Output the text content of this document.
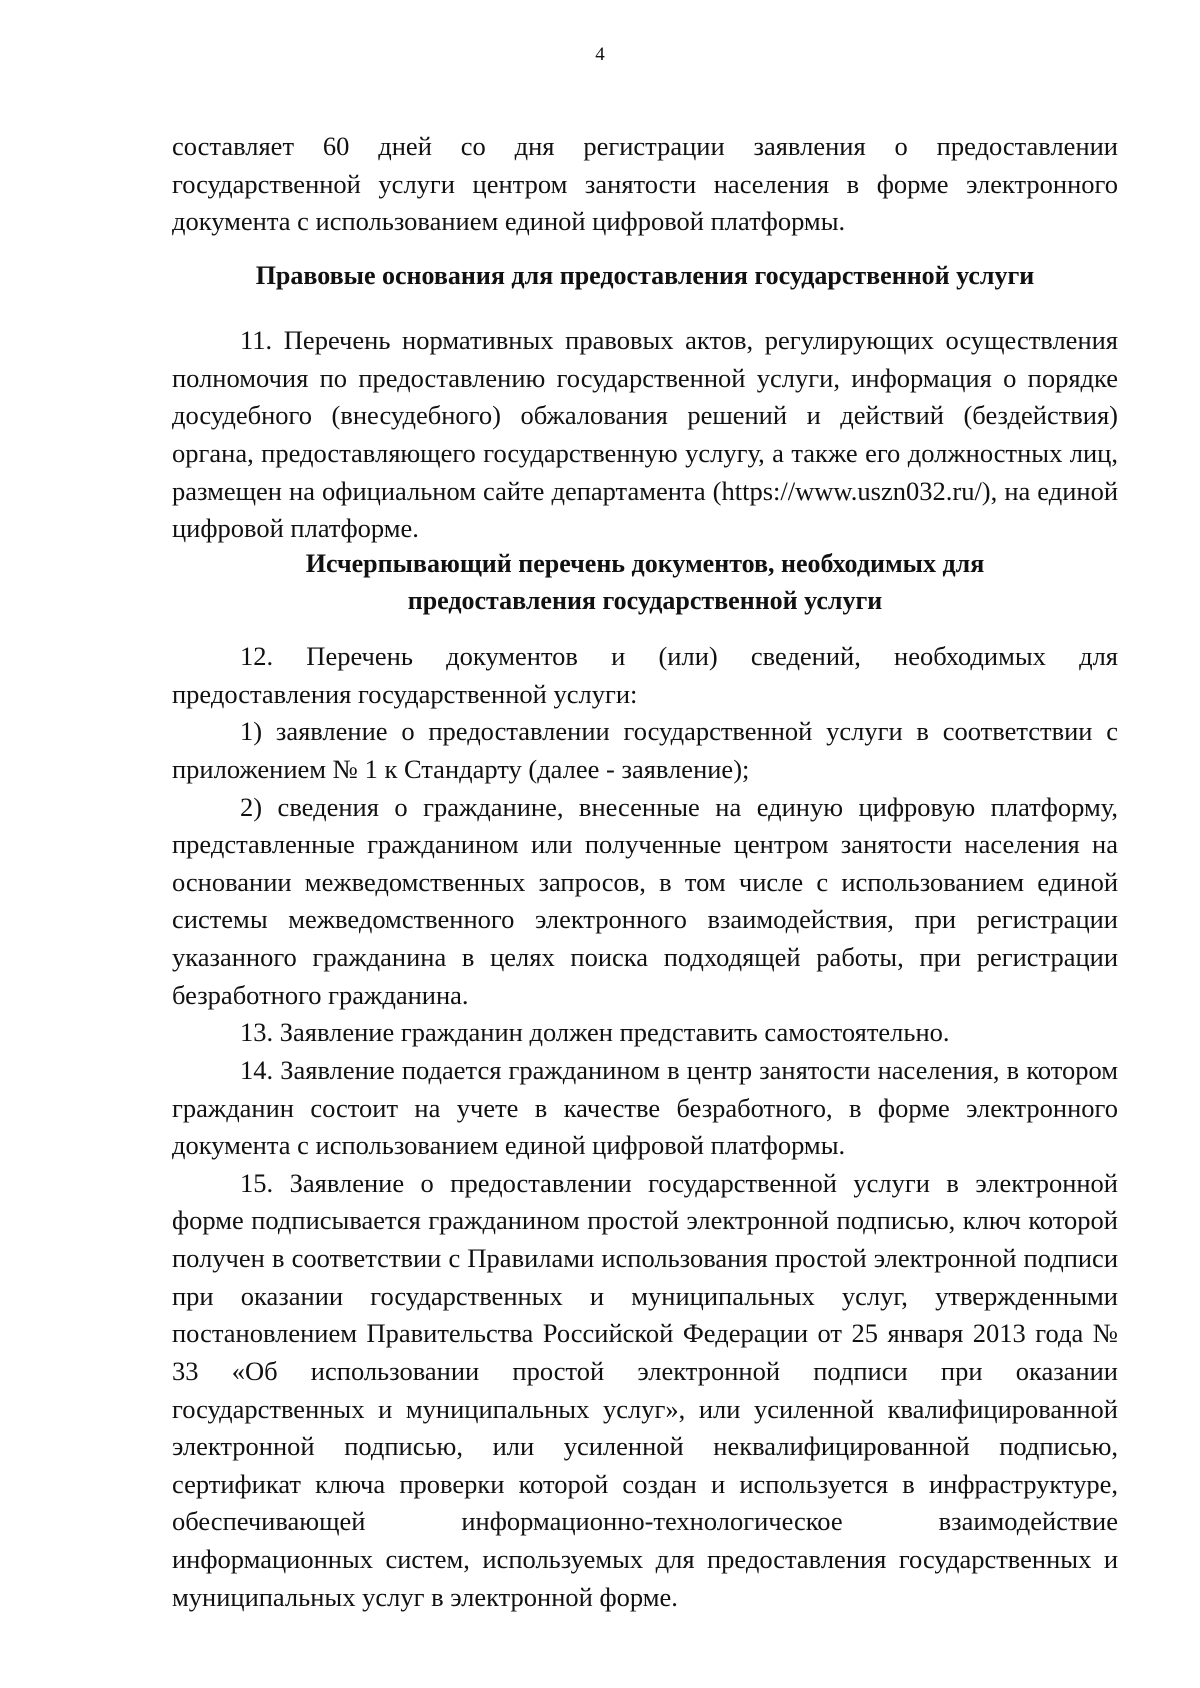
4

составляет 60 дней со дня регистрации заявления о предоставлении государственной услуги центром занятости населения в форме электронного документа с использованием единой цифровой платформы.

Правовые основания для предоставления государственной услуги

11. Перечень нормативных правовых актов, регулирующих осуществления полномочия по предоставлению государственной услуги, информация о порядке досудебного (внесудебного) обжалования решений и действий (бездействия) органа, предоставляющего государственную услугу, а также его должностных лиц, размещен на официальном сайте департамента (https://www.uszn032.ru/), на единой цифровой платформе.

Исчерпывающий перечень документов, необходимых для

предоставления государственной услуги

12. Перечень документов и (или) сведений, необходимых для предоставления государственной услуги:

1) заявление о предоставлении государственной услуги в соответствии с приложением № 1 к Стандарту (далее - заявление);

2) сведения о гражданине, внесенные на единую цифровую платформу, представленные гражданином или полученные центром занятости населения на основании межведомственных запросов, в том числе с использованием единой системы межведомственного электронного взаимодействия, при регистрации указанного гражданина в целях поиска подходящей работы, при регистрации безработного гражданина.

13. Заявление гражданин должен представить самостоятельно.

14. Заявление подается гражданином в центр занятости населения, в котором гражданин состоит на учете в качестве безработного, в форме электронного документа с использованием единой цифровой платформы.

15. Заявление о предоставлении государственной услуги в электронной форме подписывается гражданином простой электронной подписью, ключ которой получен в соответствии с Правилами использования простой электронной подписи при оказании государственных и муниципальных услуг, утвержденными постановлением Правительства Российской Федерации от 25 января 2013 года № 33 «Об использовании простой электронной подписи при оказании государственных и муниципальных услуг», или усиленной квалифицированной электронной подписью, или усиленной неквалифицированной подписью, сертификат ключа проверки которой создан и используется в инфраструктуре, обеспечивающей информационно-технологическое взаимодействие информационных систем, используемых для предоставления государственных и муниципальных услуг в электронной форме.
